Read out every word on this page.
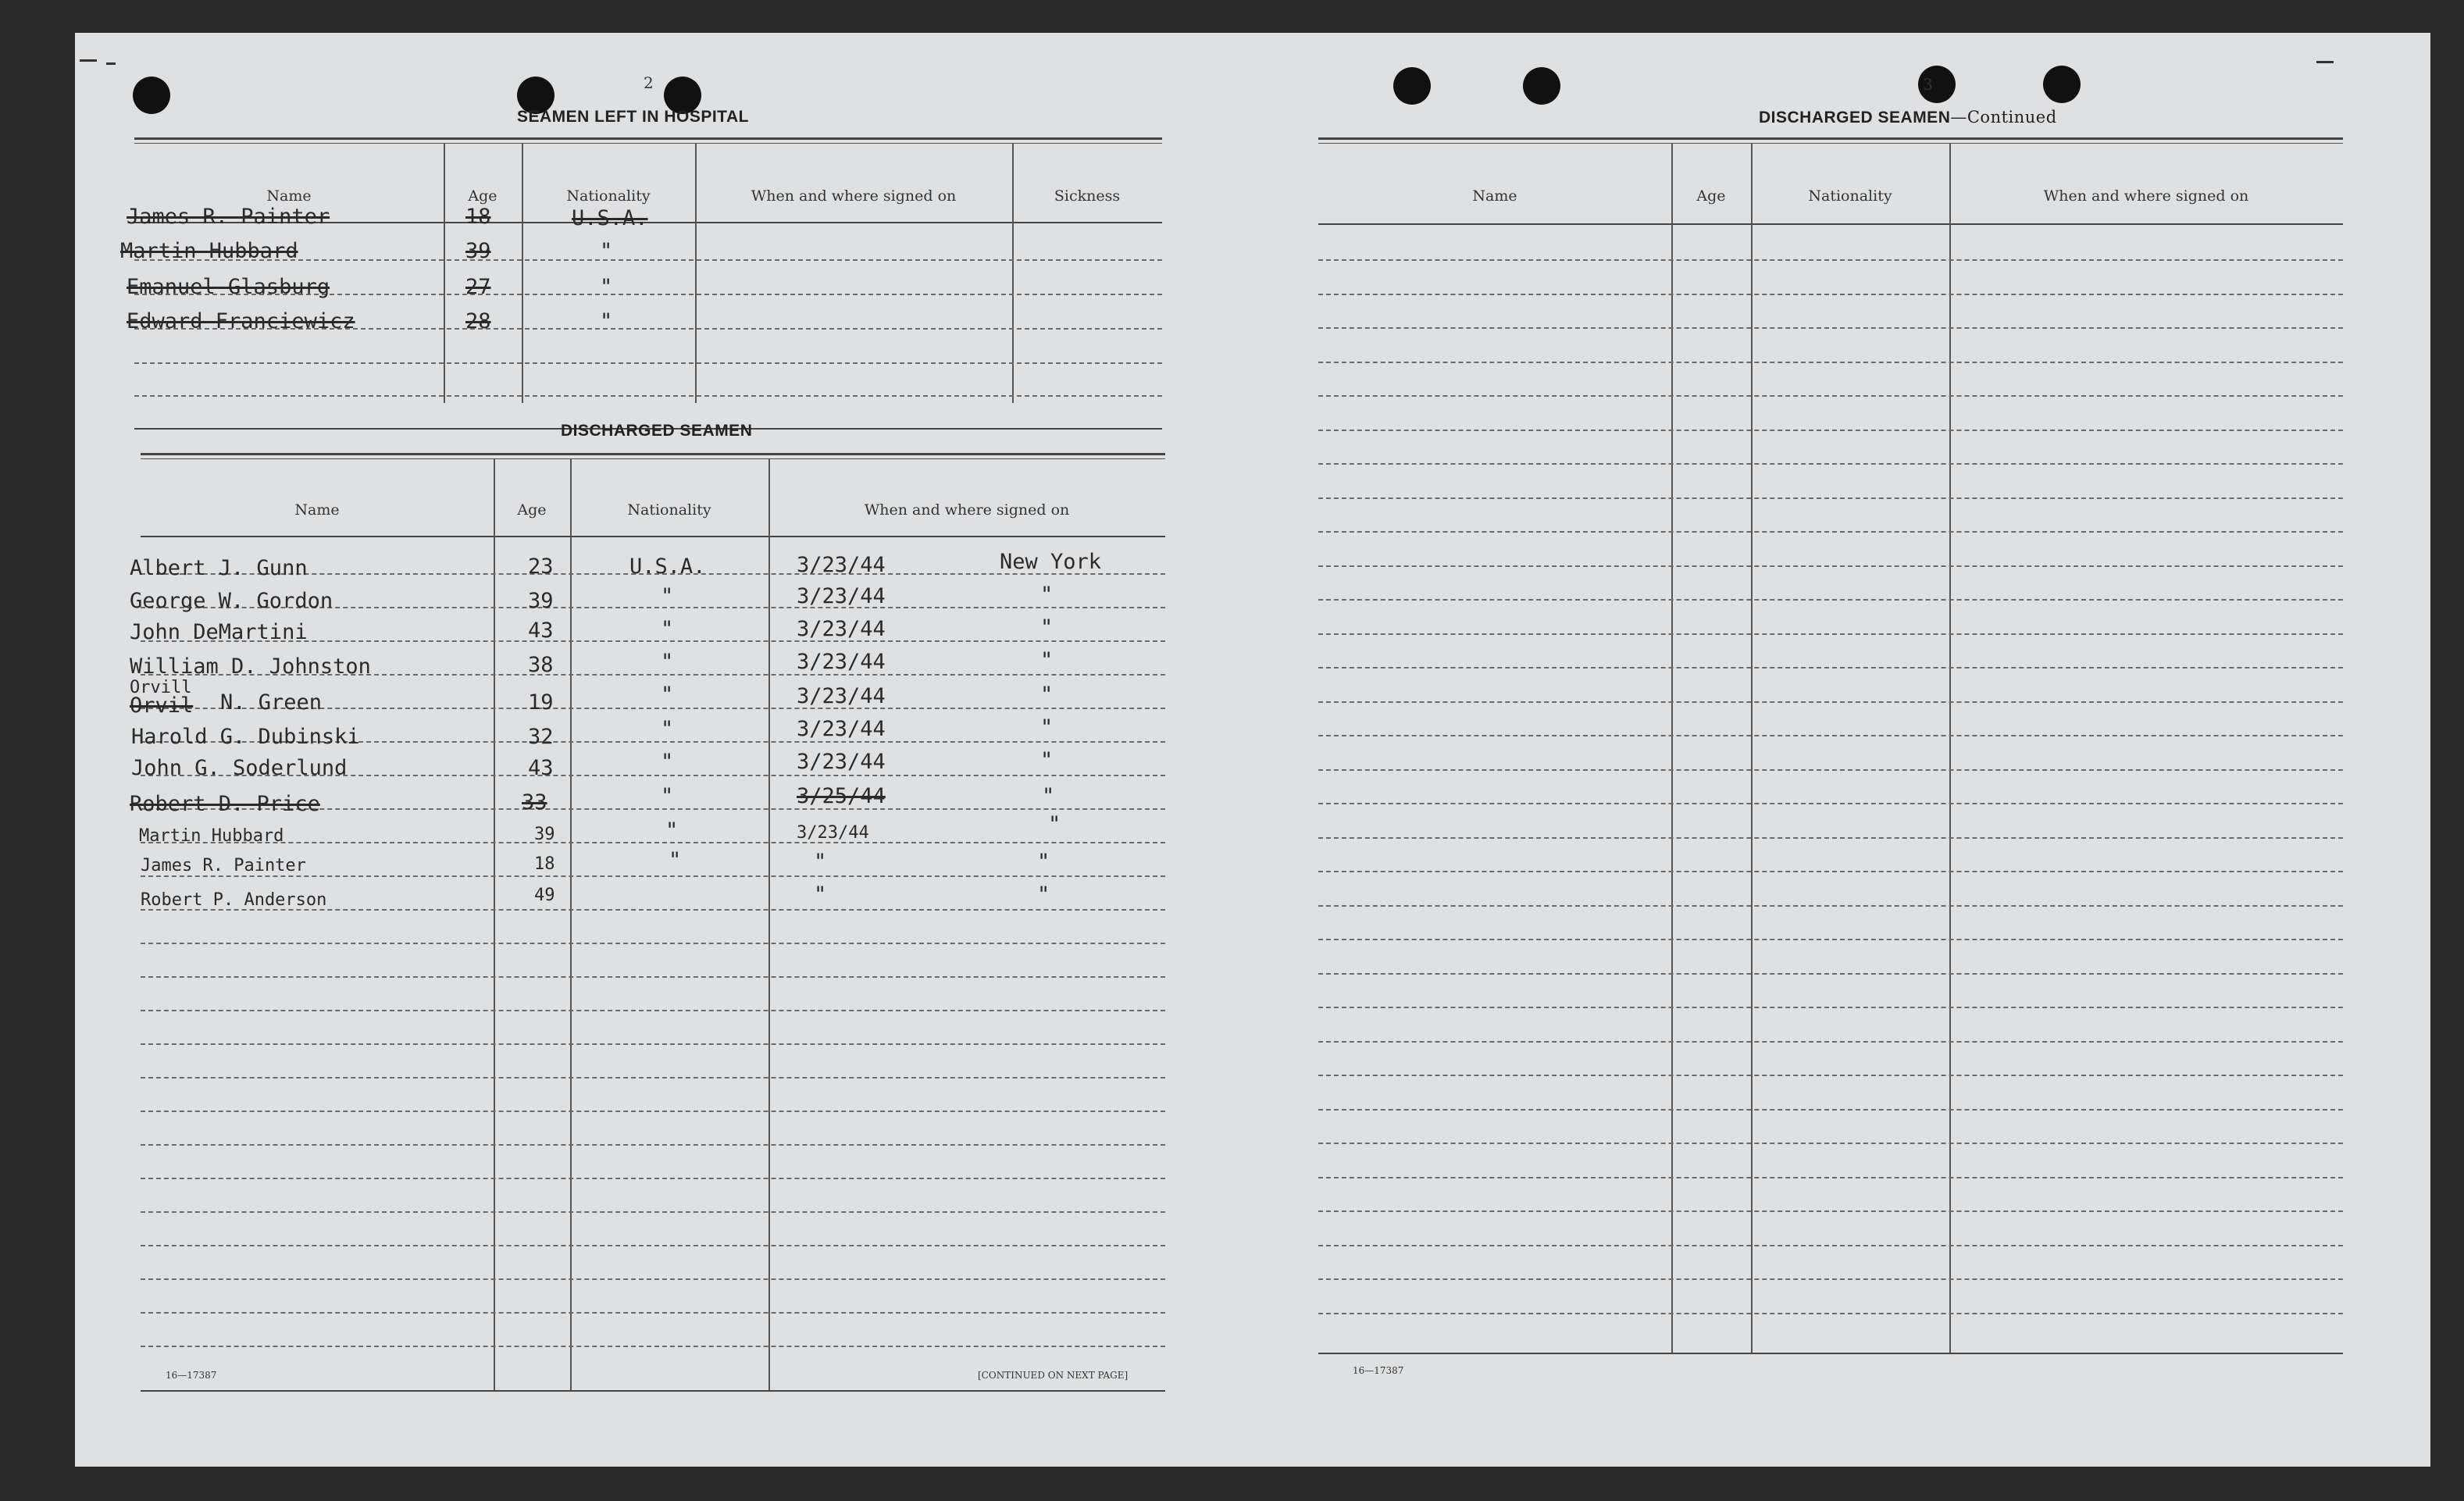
2
SEAMEN LEFT IN HOSPITAL
Name	Age	Nationality	When and where signed on	Sickness
James R. Painter	18	U.S.A.
Martin Hubbard	39	"
Emanuel Glasburg	27	"
Edward Franciewicz	28	"
DISCHARGED SEAMEN
Name	Age	Nationality	When and where signed on
Albert J. Gunn	23	U.S.A.	3/23/44	New York
George W. Gordon	39	"	3/23/44	"
John DeMartini	43	"	3/23/44	"
William D. Johnston	38	"	3/23/44	"
Orvill
Orvil N. Green	19	"	3/23/44	"
Harold G. Dubinski	32	"	3/23/44	"
John G. Soderlund	43	"	3/23/44	"
Robert D. Price	33	"	3/25/44	"
Martin Hubbard	39	"	3/23/44	"
James R. Painter	18	"	"	"
Robert P. Anderson	49	"	"
16—17387	[CONTINUED ON NEXT PAGE]
3
DISCHARGED SEAMEN—Continued
Name	Age	Nationality	When and where signed on
16—17387
